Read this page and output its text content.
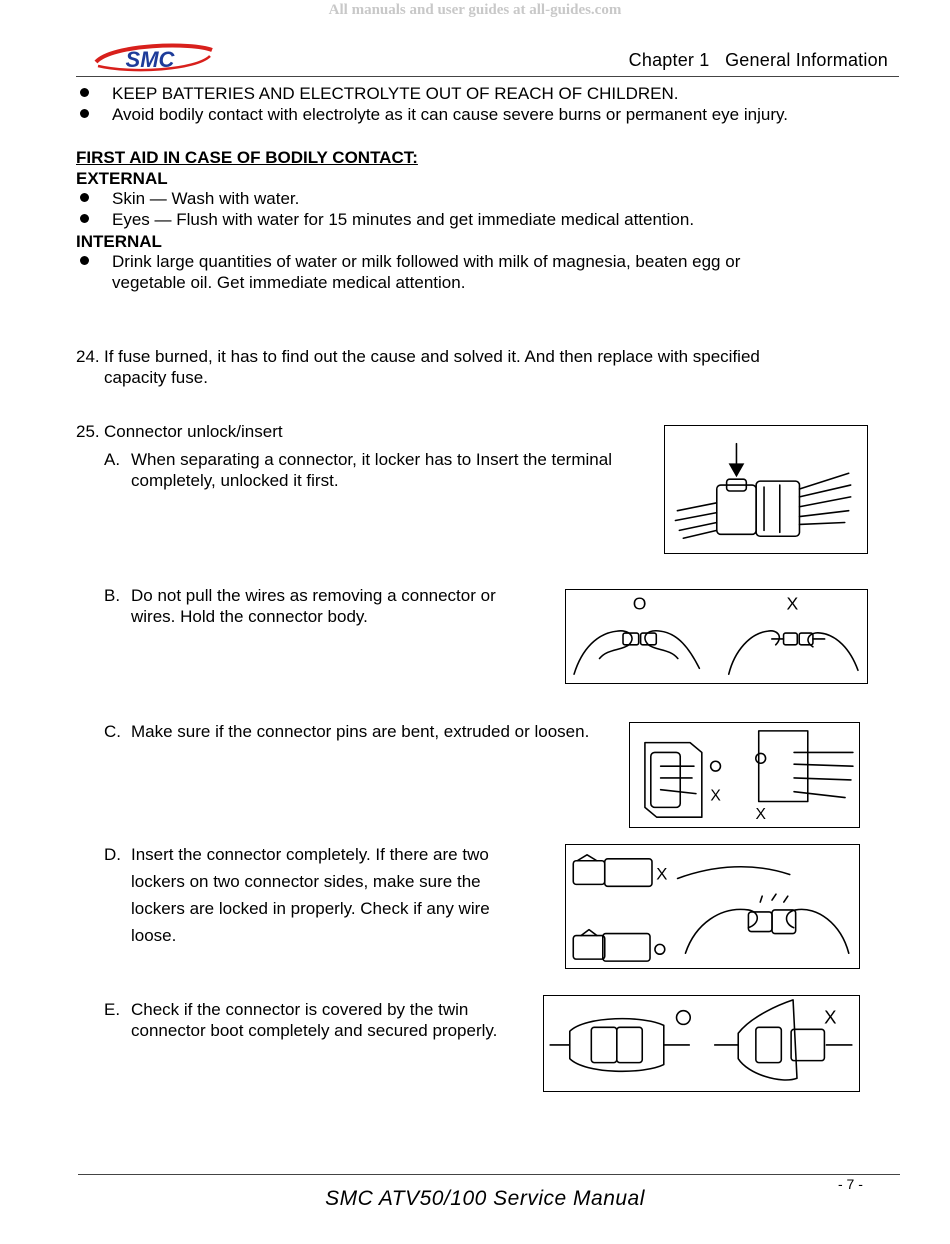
All manuals and user guides at all-guides.com
SMC	Chapter 1   General Information
KEEP BATTERIES AND ELECTROLYTE OUT OF REACH OF CHILDREN.
Avoid bodily contact with electrolyte as it can cause severe burns or permanent eye injury.
FIRST AID IN CASE OF BODILY CONTACT:
EXTERNAL
Skin — Wash with water.
Eyes — Flush with water for 15 minutes and get immediate medical attention.
INTERNAL
Drink large quantities of water or milk followed with milk of magnesia, beaten egg or
vegetable oil. Get immediate medical attention.
24. If fuse burned, it has to find out the cause and solved it. And then replace with specified
capacity fuse.
25. Connector unlock/insert
A. When separating a connector, it locker has to Insert the terminal
completely, unlocked it first.
B. Do not pull the wires as removing a connector or
wires. Hold the connector body.
O	X
C. Make sure if the connector pins are bent, extruded or loosen.
X
X
D. Insert the connector completely. If there are two
lockers on two connector sides, make sure the
lockers are locked in properly. Check if any wire
loose.
X
E. Check if the connector is covered by the twin
connector boot completely and secured properly.
X
- 7 -
SMC ATV50/100 Service Manual
